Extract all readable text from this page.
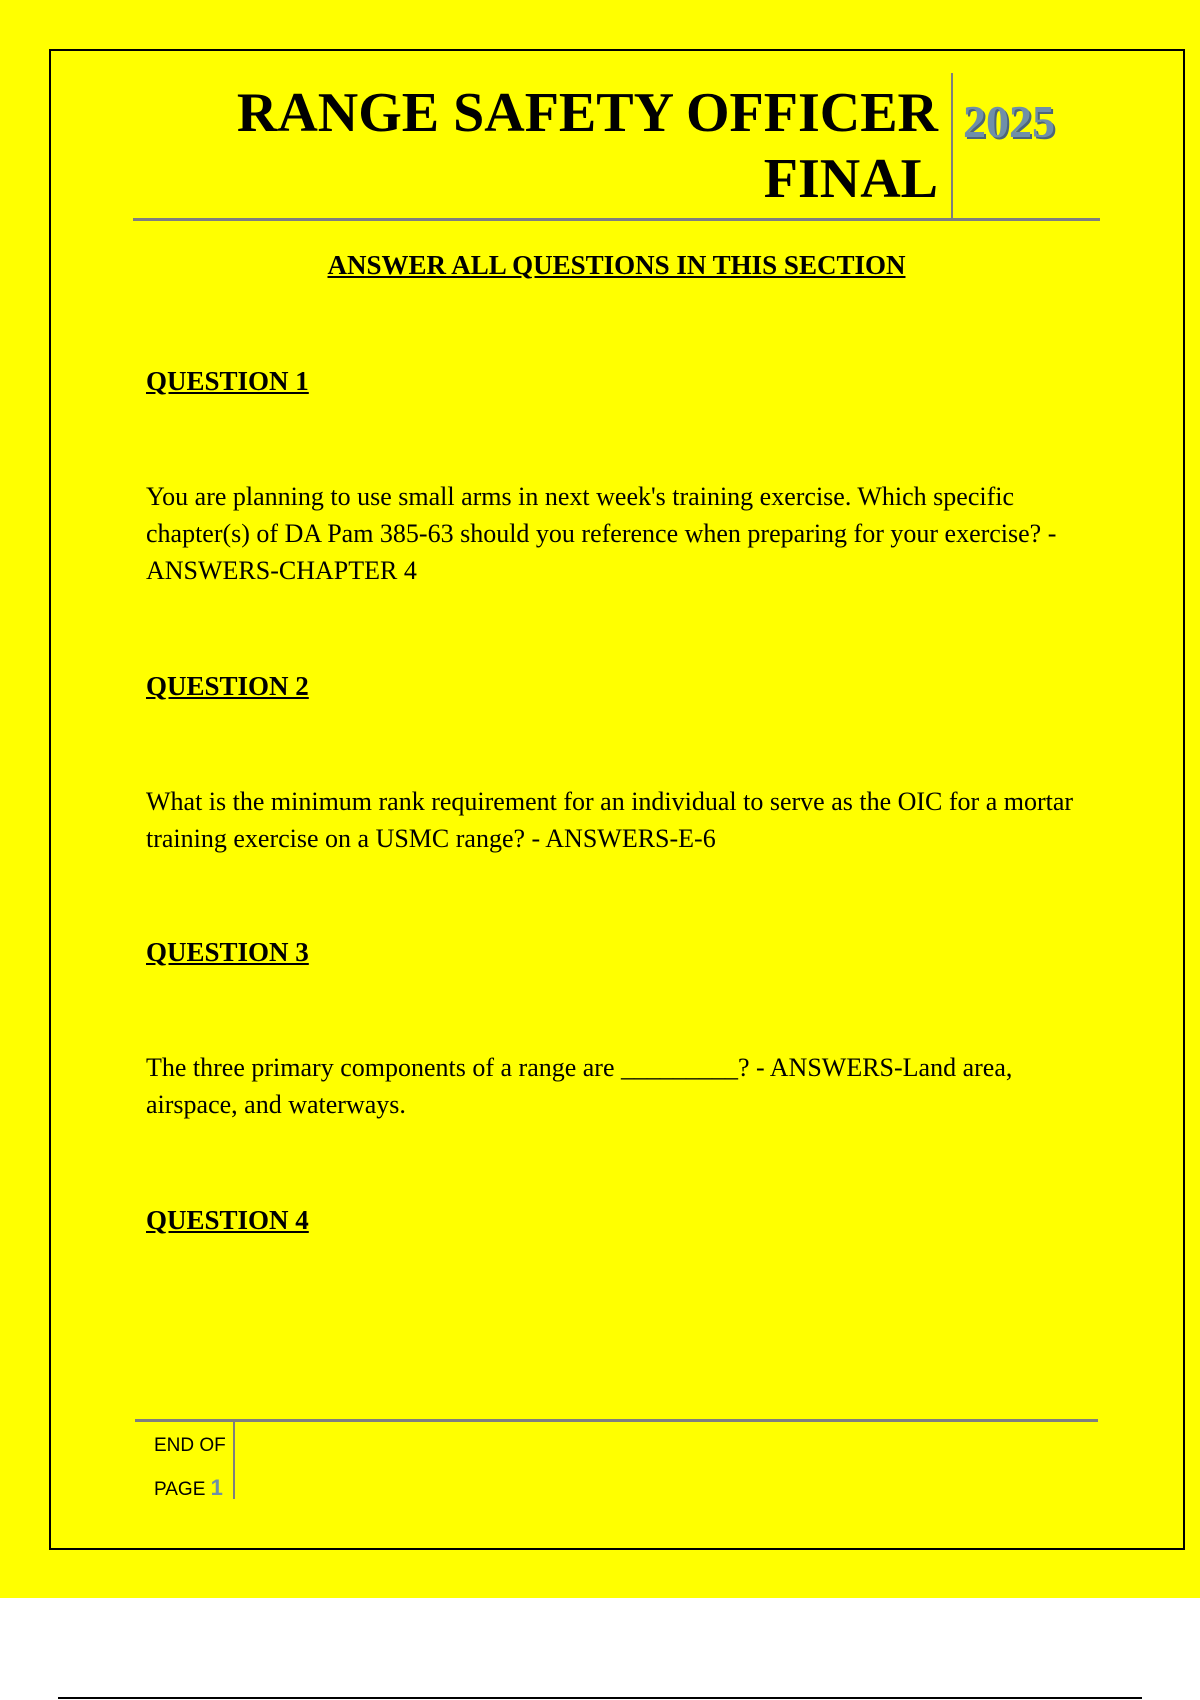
RANGE SAFETY OFFICER
FINAL
2025
ANSWER ALL QUESTIONS IN THIS SECTION
QUESTION 1
You are planning to use small arms in next week's training exercise. Which specific chapter(s) of DA Pam 385-63 should you reference when preparing for your exercise? - ANSWERS-CHAPTER 4
QUESTION 2
What is the minimum rank requirement for an individual to serve as the OIC for a mortar training exercise on a USMC range? - ANSWERS-E-6
QUESTION 3
The three primary components of a range are _________? - ANSWERS-Land area, airspace, and waterways.
QUESTION 4
END OF
PAGE 1
